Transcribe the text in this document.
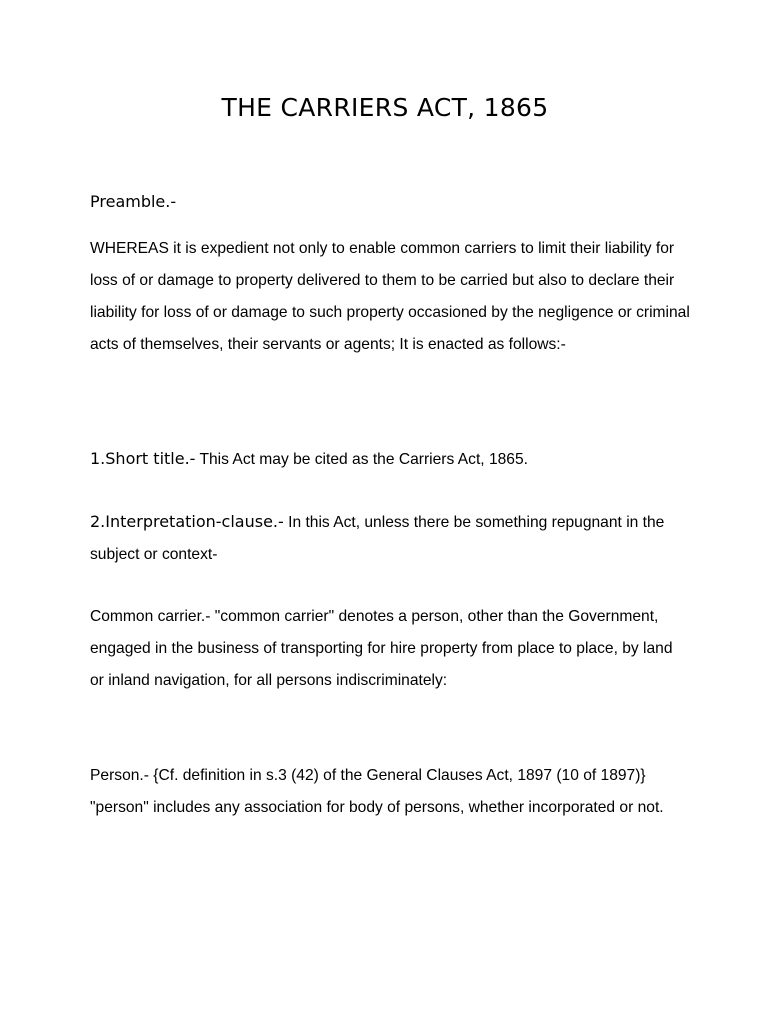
THE CARRIERS ACT, 1865

Preamble.-

WHEREAS it is expedient not only to enable common carriers to limit their liability for loss of or damage to property delivered to them to be carried but also to declare their liability for loss of or damage to such property occasioned by the negligence or criminal acts of themselves, their servants or agents; It is enacted as follows:-

1.Short title.- This Act may be cited as the Carriers Act, 1865.

2.Interpretation-clause.- In this Act, unless there be something repugnant in the subject or context-

Common carrier.- "common carrier" denotes a person, other than the Government, engaged in the business of transporting for hire property from place to place, by land or inland navigation, for all persons indiscriminately:

Person.- {Cf. definition in s.3 (42) of the General Clauses Act, 1897 (10 of 1897)} "person" includes any association for body of persons, whether incorporated or not.
